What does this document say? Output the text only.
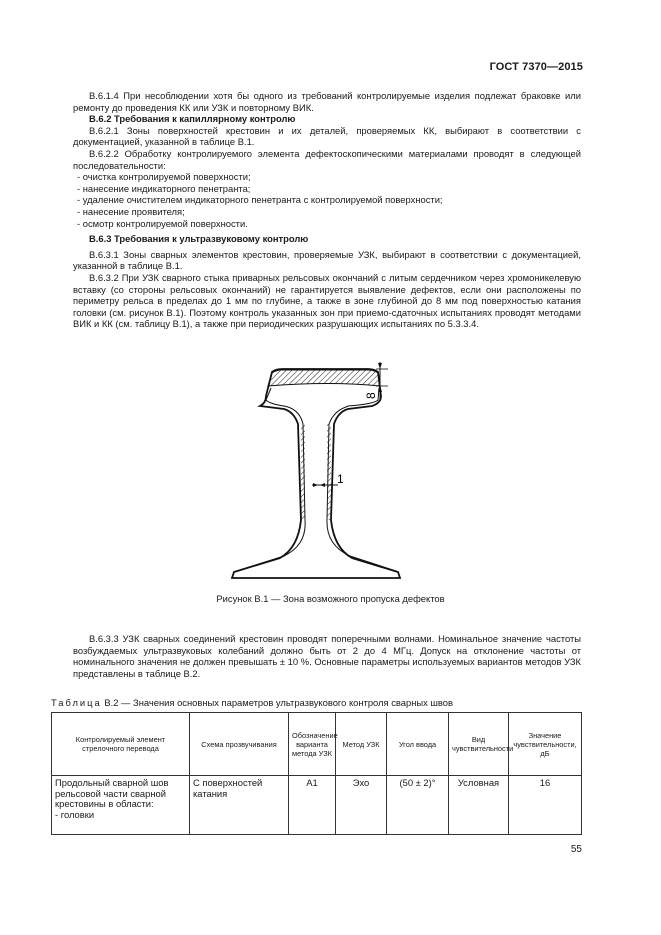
ГОСТ 7370—2015

В.6.1.4 При несоблюдении хотя бы одного из требований контролируемые изделия подлежат браковке или ремонту до проведения КК или УЗК и повторному ВИК.

В.6.2 Требования к капиллярному контролю

В.6.2.1 Зоны поверхностей крестовин и их деталей, проверяемых КК, выбирают в соответствии с документацией, указанной в таблице В.1.

В.6.2.2 Обработку контролируемого элемента дефектоскопическими материалами проводят в следующей последовательности:

- очистка контролируемой поверхности;

- нанесение индикаторного пенетранта;

- удаление очистителем индикаторного пенетранта с контролируемой поверхности;

- нанесение проявителя;

- осмотр контролируемой поверхности.

В.6.3 Требования к ультразвуковому контролю

В.6.3.1 Зоны сварных элементов крестовин, проверяемые УЗК, выбирают в соответствии с документацией, указанной в таблице В.1.

В.6.3.2 При УЗК сварного стыка приварных рельсовых окончаний с литым сердечником через хромоникелевую вставку (со стороны рельсовых окончаний) не гарантируется выявление дефектов, если они расположены по периметру рельса в пределах до 1 мм по глубине, а также в зоне глубиной до 8 мм под поверхностью катания головки (см. рисунок В.1). Поэтому контроль указанных зон при приемо-сдаточных испытаниях проводят методами ВИК и КК (см. таблицу В.1), а также при периодических разрушающих испытаниях по 5.3.3.4.

8
1
Рисунок В.1 — Зона возможного пропуска дефектов

В.6.3.3 УЗК сварных соединений крестовин проводят поперечными волнами. Номинальное значение частоты возбуждаемых ультразвуковых колебаний должно быть от 2 до 4 МГц. Допуск на отклонение частоты от номинального значения не должен превышать ± 10 %. Основные параметры используемых вариантов методов УЗК представлены в таблице В.2.

Таблица В.2 — Значения основных параметров ультразвукового контроля сварных швов
Контролируемый элемент стрелочного перевода	Схема прозвучивания	Обозначение варианта метода УЗК	Метод УЗК	Угол ввода	Вид чувствительности	Значение чувствительности, дБ
Продольный сварной шов рельсовой части сварной крестовины в области:
- головки	С поверхностей катания	А1	Эхо	(50 ± 2)°	Условная	16
55
